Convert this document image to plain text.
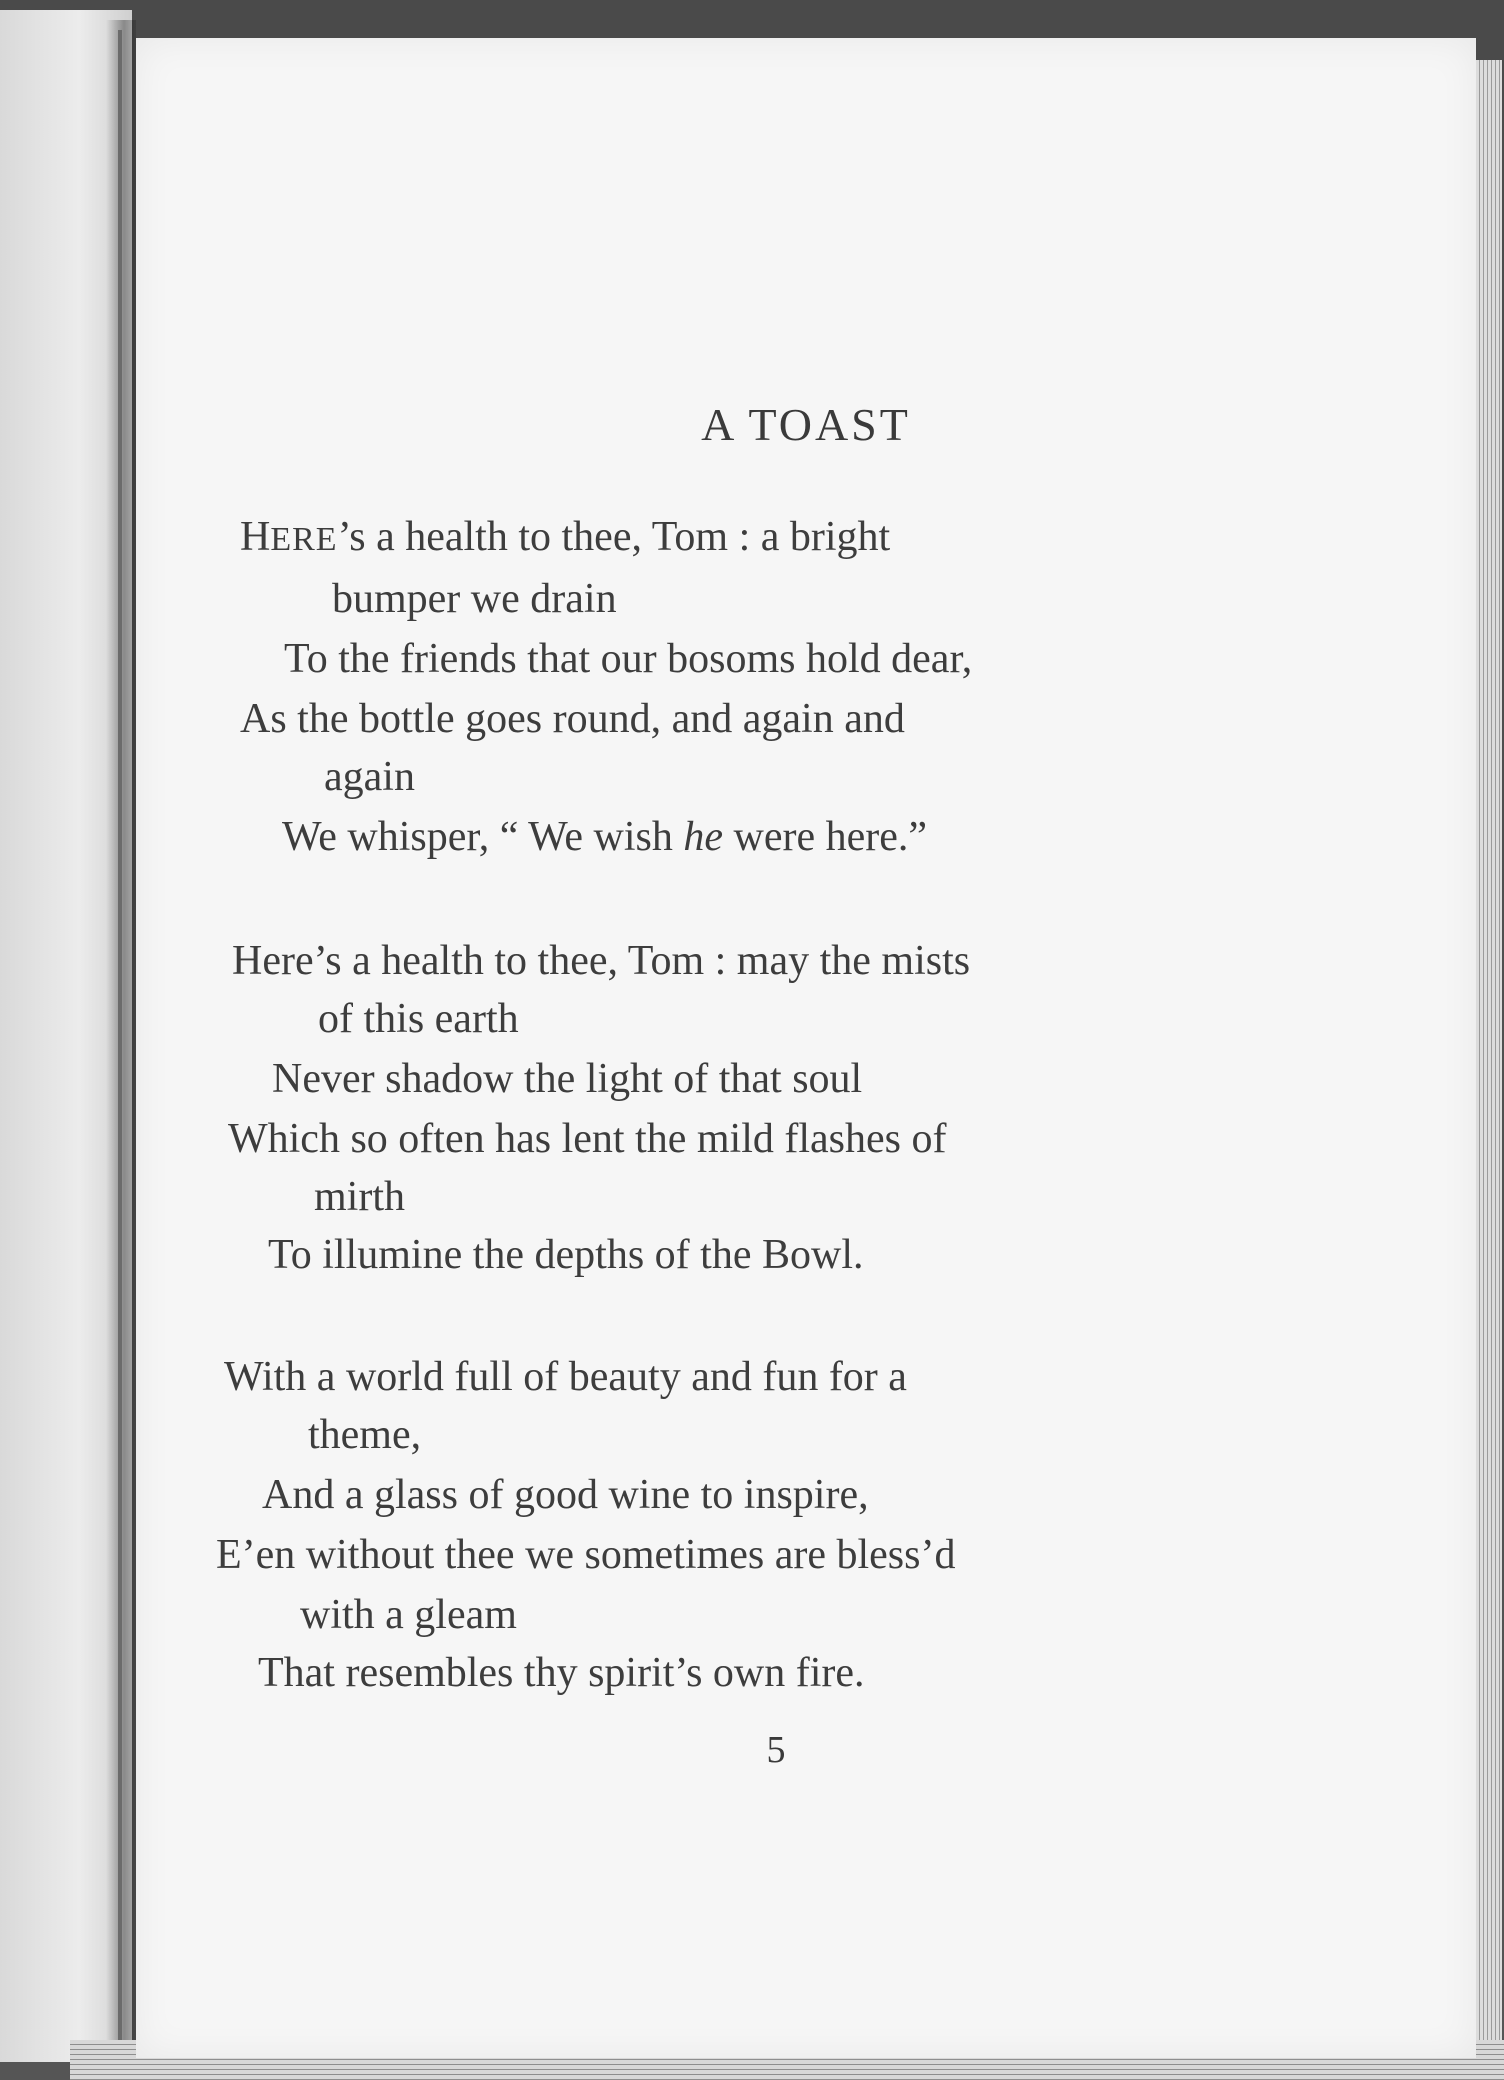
A TOAST
HERE’s a health to thee, Tom : a bright
bumper we drain
To the friends that our bosoms hold dear,
As the bottle goes round, and again and
again
We whisper, “ We wish he were here.”
Here’s a health to thee, Tom : may the mists
of this earth
Never shadow the light of that soul
Which so often has lent the mild flashes of
mirth
To illumine the depths of the Bowl.
With a world full of beauty and fun for a
theme,
And a glass of good wine to inspire,
E’en without thee we sometimes are bless’d
with a gleam
That resembles thy spirit’s own fire.
5
